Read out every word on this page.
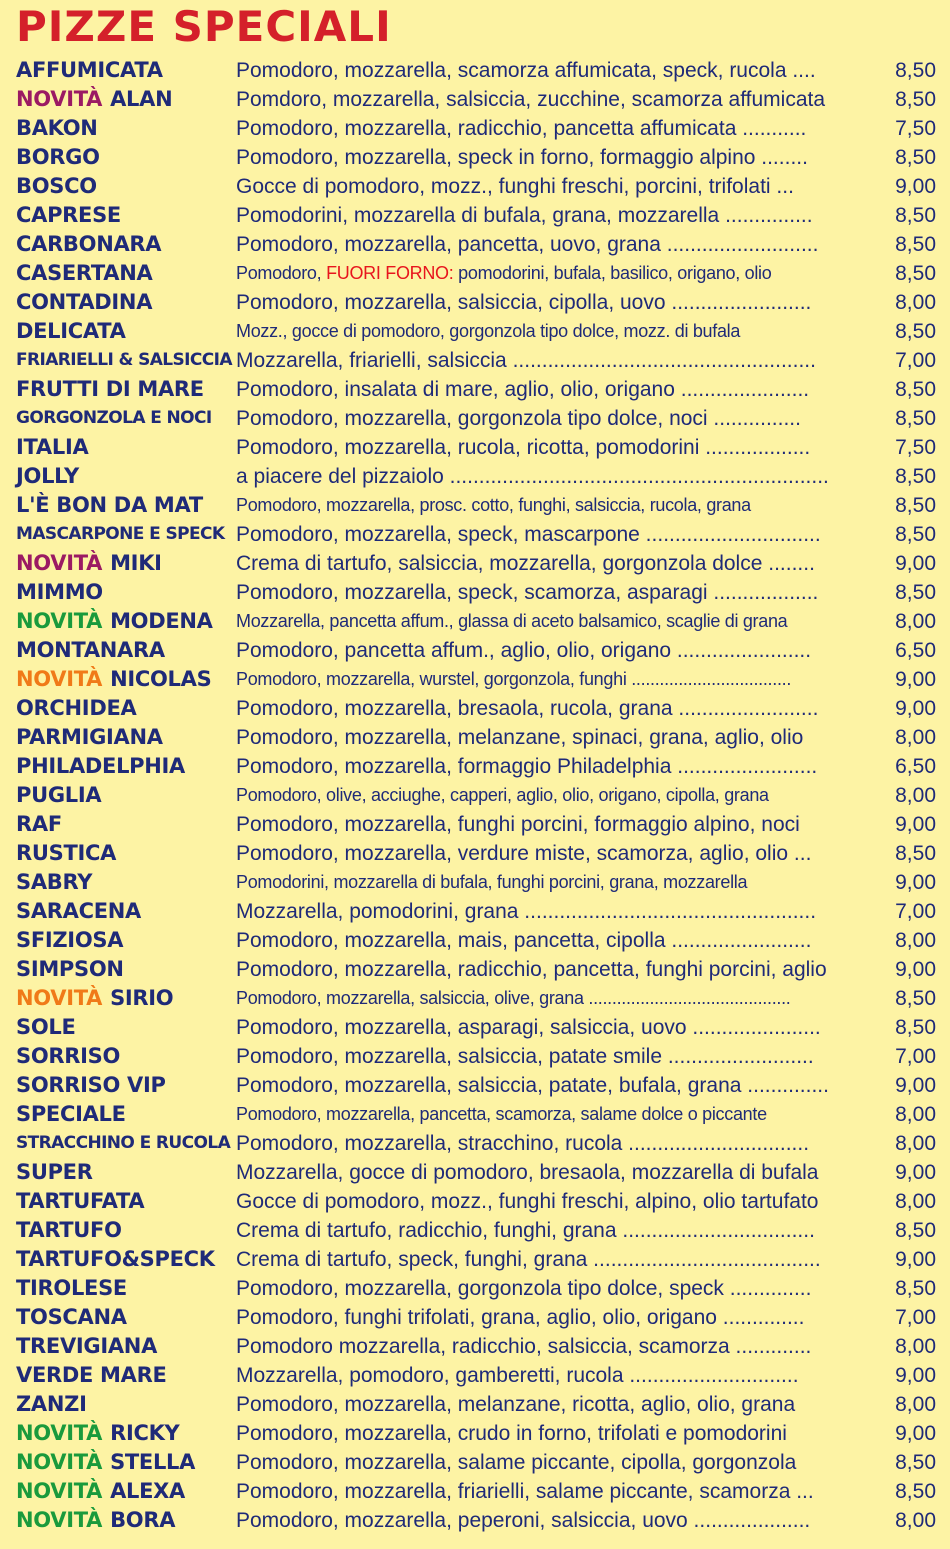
PIZZE SPECIALI
AFFUMICATA	Pomodoro, mozzarella, scamorza affumicata, speck, rucola ....	8,50
NOVITÀ ALAN	Pomdoro, mozzarella, salsiccia, zucchine, scamorza affumicata	8,50
BAKON	Pomodoro, mozzarella, radicchio, pancetta affumicata ...........	7,50
BORGO	Pomodoro, mozzarella, speck in forno, formaggio alpino ........	8,50
BOSCO	Gocce di pomodoro, mozz., funghi freschi, porcini, trifolati ...	9,00
CAPRESE	Pomodorini, mozzarella di bufala, grana, mozzarella ...............	8,50
CARBONARA	Pomodoro, mozzarella, pancetta, uovo, grana ..........................	8,50
CASERTANA	Pomodoro, FUORI FORNO: pomodorini, bufala, basilico, origano, olio	8,50
CONTADINA	Pomodoro, mozzarella, salsiccia, cipolla, uovo ........................	8,00
DELICATA	Mozz., gocce di pomodoro, gorgonzola tipo dolce, mozz. di bufala	8,50
FRIARIELLI & SALSICCIA Mozzarella, friarielli, salsiccia ....................................................	7,00
FRUTTI DI MARE Pomodoro, insalata di mare, aglio, olio, origano ......................	8,50
GORGONZOLA E NOCI Pomodoro, mozzarella, gorgonzola tipo dolce, noci ...............	8,50
ITALIA	Pomodoro, mozzarella, rucola, ricotta, pomodorini ..................	7,50
JOLLY	a piacere del pizzaiolo .................................................................	8,50
L'È BON DA MAT Pomodoro, mozzarella, prosc. cotto, funghi, salsiccia, rucola, grana	8,50
MASCARPONE E SPECK Pomodoro, mozzarella, speck, mascarpone ..............................	8,50
NOVITÀ MIKI	Crema di tartufo, salsiccia, mozzarella, gorgonzola dolce ........	9,00
MIMMO	Pomodoro, mozzarella, speck, scamorza, asparagi ..................	8,50
NOVITÀ MODENA Mozzarella, pancetta affum., glassa di aceto balsamico, scaglie di grana	8,00
MONTANARA	Pomodoro, pancetta affum., aglio, olio, origano .......................	6,50
NOVITÀ NICOLAS Pomodoro, mozzarella, wurstel, gorgonzola, funghi ..................................	9,00
ORCHIDEA	Pomodoro, mozzarella, bresaola, rucola, grana ........................	9,00
PARMIGIANA	Pomodoro, mozzarella, melanzane, spinaci, grana, aglio, olio	8,00
PHILADELPHIA Pomodoro, mozzarella, formaggio Philadelphia ........................	6,50
PUGLIA	Pomodoro, olive, acciughe, capperi, aglio, olio, origano, cipolla, grana	8,00
RAF	Pomodoro, mozzarella, funghi porcini, formaggio alpino, noci	9,00
RUSTICA	Pomodoro, mozzarella, verdure miste, scamorza, aglio, olio ...	8,50
SABRY	Pomodorini, mozzarella di bufala, funghi porcini, grana, mozzarella	9,00
SARACENA	Mozzarella, pomodorini, grana ..................................................	7,00
SFIZIOSA	Pomodoro, mozzarella, mais, pancetta, cipolla ........................	8,00
SIMPSON	Pomodoro, mozzarella, radicchio, pancetta, funghi porcini, aglio	9,00
NOVITÀ SIRIO	Pomodoro, mozzarella, salsiccia, olive, grana ...........................................	8,50
SOLE	Pomodoro, mozzarella, asparagi, salsiccia, uovo ......................	8,50
SORRISO	Pomodoro, mozzarella, salsiccia, patate smile .........................	7,00
SORRISO VIP	Pomodoro, mozzarella, salsiccia, patate, bufala, grana ..............	9,00
SPECIALE	Pomodoro, mozzarella, pancetta, scamorza, salame dolce o piccante	8,00
STRACCHINO E RUCOLA Pomodoro, mozzarella, stracchino, rucola ...............................	8,00
SUPER	Mozzarella, gocce di pomodoro, bresaola, mozzarella di bufala	9,00
TARTUFATA	Gocce di pomodoro, mozz., funghi freschi, alpino, olio tartufato	8,00
TARTUFO	Crema di tartufo, radicchio, funghi, grana .................................	8,50
TARTUFO&SPECK Crema di tartufo, speck, funghi, grana .......................................	9,00
TIROLESE	Pomodoro, mozzarella, gorgonzola tipo dolce, speck ..............	8,50
TOSCANA	Pomodoro, funghi trifolati, grana, aglio, olio, origano ..............	7,00
TREVIGIANA	Pomodoro mozzarella, radicchio, salsiccia, scamorza .............	8,00
VERDE MARE	Mozzarella, pomodoro, gamberetti, rucola .............................	9,00
ZANZI	Pomodoro, mozzarella, melanzane, ricotta, aglio, olio, grana	8,00
NOVITÀ RICKY	Pomodoro, mozzarella, crudo in forno, trifolati e pomodorini	9,00
NOVITÀ STELLA Pomodoro, mozzarella, salame piccante, cipolla, gorgonzola	8,50
NOVITÀ ALEXA Pomodoro, mozzarella, friarielli, salame piccante, scamorza ...	8,50
NOVITÀ BORA	Pomodoro, mozzarella, peperoni, salsiccia, uovo ....................	8,00
